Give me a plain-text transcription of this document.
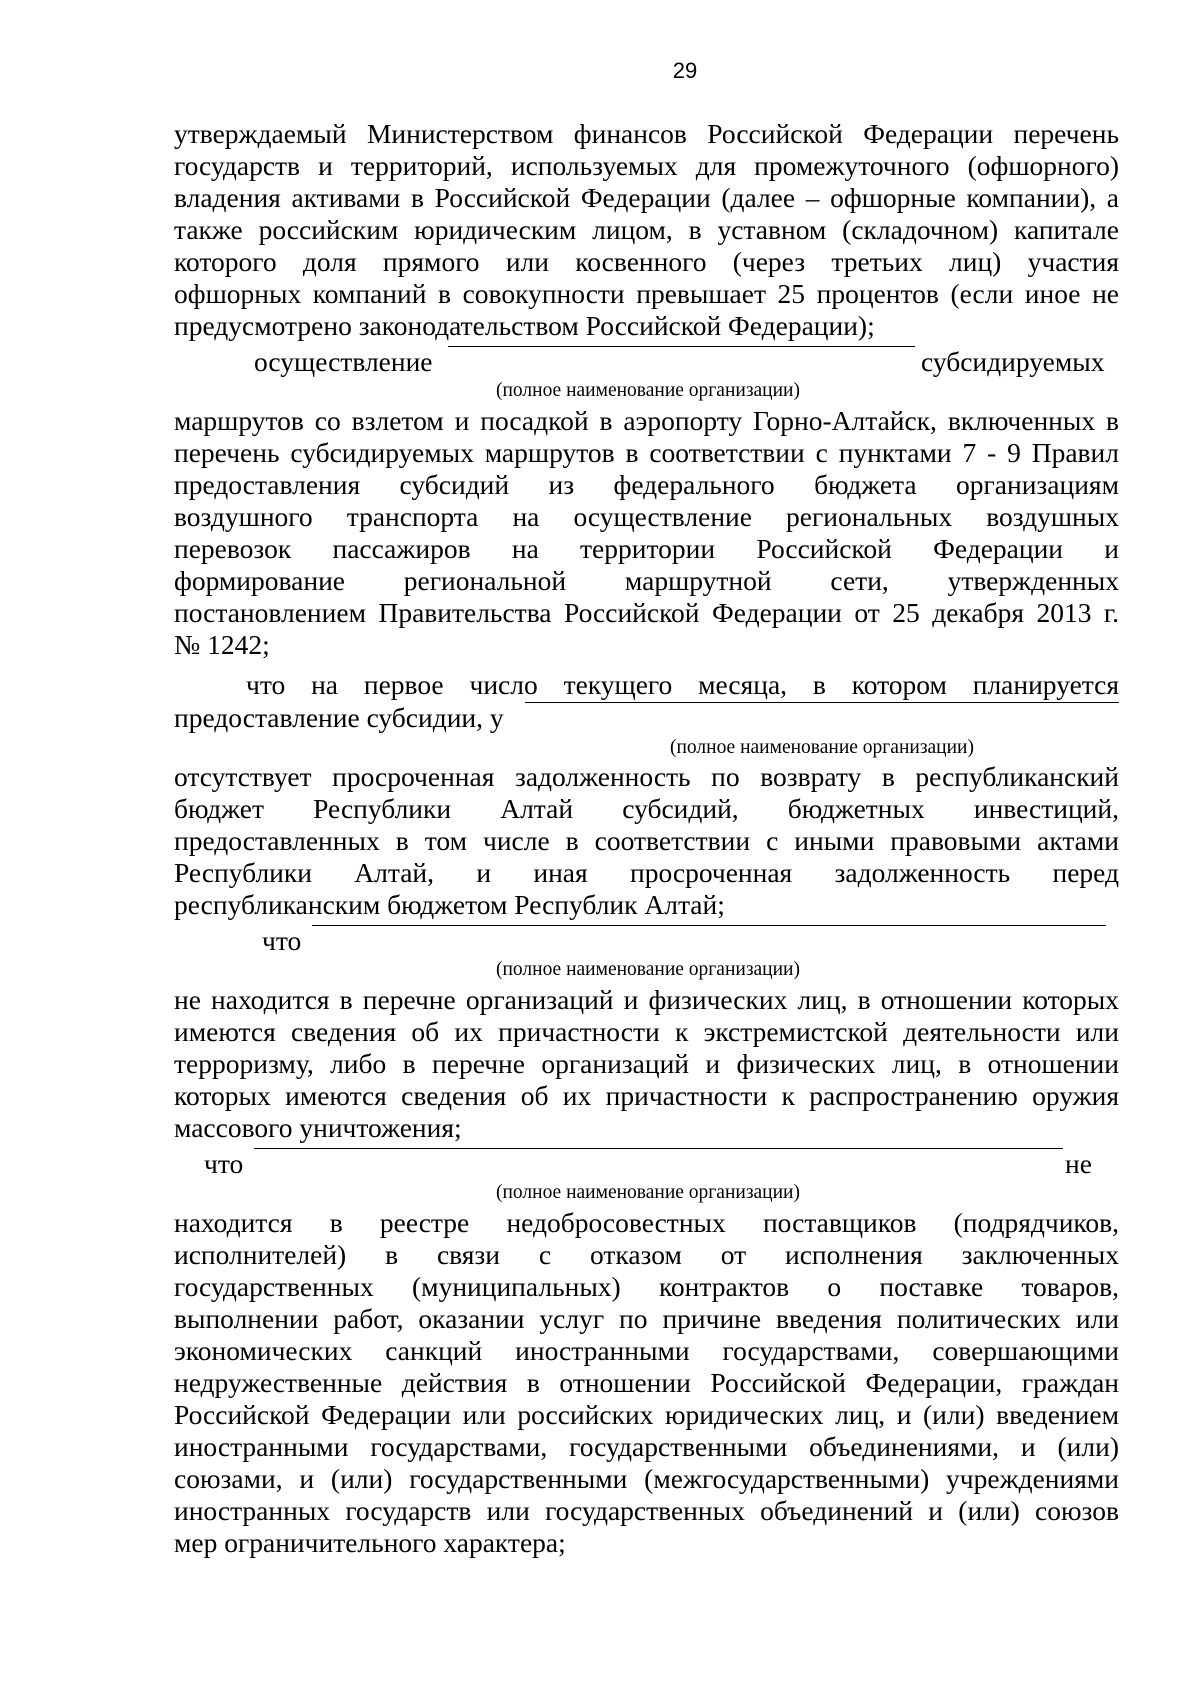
29
утверждаемый Министерством финансов Российской Федерации перечень
государств и территорий, используемых для промежуточного (офшорного)
владения активами в Российской Федерации (далее – офшорные компании), а
также российским юридическим лицом, в уставном (складочном) капитале
которого доля прямого или косвенного (через третьих лиц) участия
офшорных компаний в совокупности превышает 25 процентов (если иное не
предусмотрено законодательством Российской Федерации);
осуществление	субсидируемых
(полное наименование организации)
маршрутов со взлетом и посадкой в аэропорту Горно-Алтайск, включенных в
перечень субсидируемых маршрутов в соответствии с пунктами 7 - 9 Правил
предоставления субсидий из федерального бюджета организациям
воздушного транспорта на осуществление региональных воздушных
перевозок пассажиров на территории Российской Федерации и
формирование региональной маршрутной сети, утвержденных
постановлением Правительства Российской Федерации от 25 декабря 2013 г.
№ 1242;
что на первое число текущего месяца, в котором планируется
предоставление субсидии, у
(полное наименование организации)
отсутствует просроченная задолженность по возврату в республиканский
бюджет Республики Алтай субсидий, бюджетных инвестиций,
предоставленных в том числе в соответствии с иными правовыми актами
Республики Алтай, и иная просроченная задолженность перед
республиканским бюджетом Республик Алтай;
что
(полное наименование организации)
не находится в перечне организаций и физических лиц, в отношении которых
имеются сведения об их причастности к экстремистской деятельности или
терроризму, либо в перечне организаций и физических лиц, в отношении
которых имеются сведения об их причастности к распространению оружия
массового уничтожения;
что	не
(полное наименование организации)
находится в реестре недобросовестных поставщиков (подрядчиков,
исполнителей) в связи с отказом от исполнения заключенных
государственных (муниципальных) контрактов о поставке товаров,
выполнении работ, оказании услуг по причине введения политических или
экономических санкций иностранными государствами, совершающими
недружественные действия в отношении Российской Федерации, граждан
Российской Федерации или российских юридических лиц, и (или) введением
иностранными государствами, государственными объединениями, и (или)
союзами, и (или) государственными (межгосударственными) учреждениями
иностранных государств или государственных объединений и (или) союзов
мер ограничительного характера;
